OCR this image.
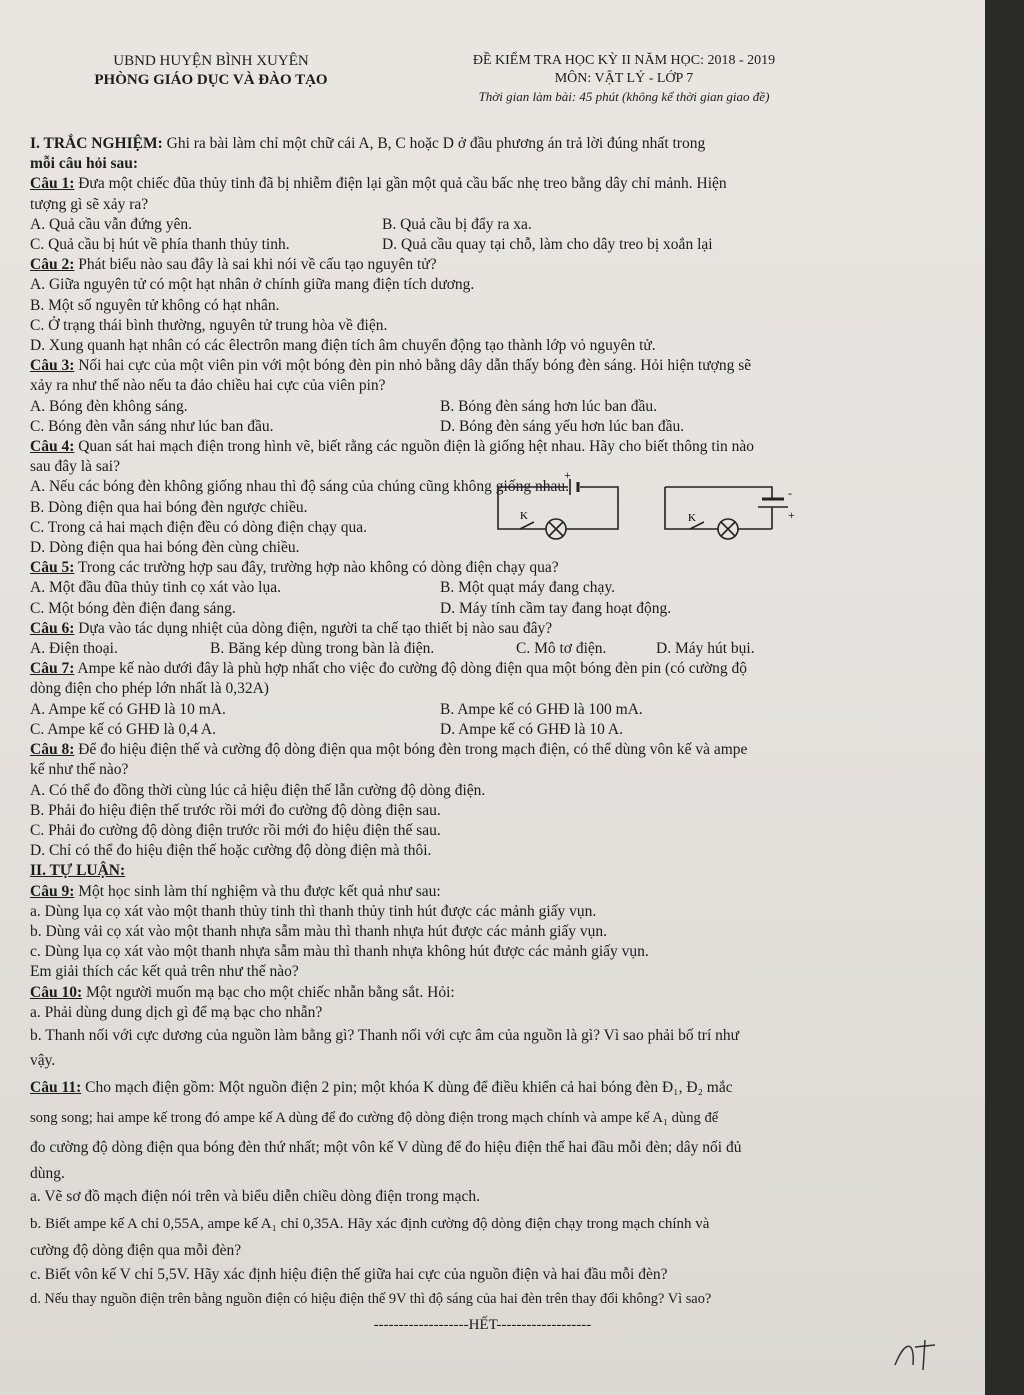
UBND HUYỆN BÌNH XUYÊN
PHÒNG GIÁO DỤC VÀ ĐÀO TẠO
ĐỀ KIỂM TRA HỌC KỲ II NĂM HỌC: 2018 - 2019
MÔN: VẬT LÝ - LỚP 7
Thời gian làm bài: 45 phút (không kể thời gian giao đề)
I. TRẮC NGHIỆM: Ghi ra bài làm chỉ một chữ cái A, B, C hoặc D ở đầu phương án trả lời đúng nhất trong
mỗi câu hỏi sau:
Câu 1: Đưa một chiếc đũa thủy tinh đã bị nhiễm điện lại gần một quả cầu bấc nhẹ treo bằng dây chỉ mảnh. Hiện
tượng gì sẽ xảy ra?
A. Quả cầu vẫn đứng yên.	B. Quả cầu bị đẩy ra xa.
C. Quả cầu bị hút về phía thanh thủy tinh.	D. Quả cầu quay tại chỗ, làm cho dây treo bị xoắn lại
Câu 2: Phát biểu nào sau đây là sai khi nói về cấu tạo nguyên tử?
A. Giữa nguyên tử có một hạt nhân ở chính giữa mang điện tích dương.
B. Một số nguyên tử không có hạt nhân.
C. Ở trạng thái bình thường, nguyên tử trung hòa về điện.
D. Xung quanh hạt nhân có các êlectrôn mang điện tích âm chuyển động tạo thành lớp vỏ nguyên tử.
Câu 3: Nối hai cực của một viên pin với một bóng đèn pin nhỏ bằng dây dẫn thấy bóng đèn sáng. Hỏi hiện tượng sẽ
xảy ra như thế nào nếu ta đảo chiều hai cực của viên pin?
A. Bóng đèn không sáng.	B. Bóng đèn sáng hơn lúc ban đầu.
C. Bóng đèn vẫn sáng như lúc ban đầu.	D. Bóng đèn sáng yếu hơn lúc ban đầu.
Câu 4: Quan sát hai mạch điện trong hình vẽ, biết rằng các nguồn điện là giống hệt nhau. Hãy cho biết thông tin nào
sau đây là sai?
+
K	K
-
+
A. Nếu các bóng đèn không giống nhau thì độ sáng của chúng cũng không giống nhau.
B. Dòng điện qua hai bóng đèn ngược chiều.
C. Trong cả hai mạch điện đều có dòng điện chạy qua.
D. Dòng điện qua hai bóng đèn cùng chiều.
Câu 5: Trong các trường hợp sau đây, trường hợp nào không có dòng điện chạy qua?
A. Một đầu đũa thủy tinh cọ xát vào lụa.	B. Một quạt máy đang chạy.
C. Một bóng đèn điện đang sáng.	D. Máy tính cầm tay đang hoạt động.
Câu 6: Dựa vào tác dụng nhiệt của dòng điện, người ta chế tạo thiết bị nào sau đây?
A. Điện thoại.	B. Băng kép dùng trong bàn là điện.	C. Mô tơ điện.	D. Máy hút bụi.
Câu 7: Ampe kế nào dưới đây là phù hợp nhất cho việc đo cường độ dòng điện qua một bóng đèn pin (có cường độ
dòng điện cho phép lớn nhất là 0,32A)
A. Ampe kế có GHĐ là 10 mA.	B. Ampe kế có GHĐ là 100 mA.
C. Ampe kế có GHĐ là 0,4 A.	D. Ampe kế có GHĐ là 10 A.
Câu 8: Để đo hiệu điện thế và cường độ dòng điện qua một bóng đèn trong mạch điện, có thể dùng vôn kế và ampe
kế như thế nào?
A. Có thể đo đồng thời cùng lúc cả hiệu điện thế lẫn cường độ dòng điện.
B. Phải đo hiệu điện thế trước rồi mới đo cường độ dòng điện sau.
C. Phải đo cường độ dòng điện trước rồi mới đo hiệu điện thế sau.
D. Chỉ có thể đo hiệu điện thế hoặc cường độ dòng điện mà thôi.
II. TỰ LUẬN:
Câu 9: Một học sinh làm thí nghiệm và thu được kết quả như sau:
a. Dùng lụa cọ xát vào một thanh thủy tinh thì thanh thủy tinh hút được các mảnh giấy vụn.
b. Dùng vải cọ xát vào một thanh nhựa sẫm màu thì thanh nhựa hút được các mảnh giấy vụn.
c. Dùng lụa cọ xát vào một thanh nhựa sẫm màu thì thanh nhựa không hút được các mảnh giấy vụn.
Em giải thích các kết quả trên như thế nào?
Câu 10: Một người muốn mạ bạc cho một chiếc nhẫn bằng sắt. Hỏi:
a. Phải dùng dung dịch gì để mạ bạc cho nhẫn?
b. Thanh nối với cực dương của nguồn làm bằng gì? Thanh nối với cực âm của nguồn là gì? Vì sao phải bố trí như
vậy.
Câu 11: Cho mạch điện gồm: Một nguồn điện 2 pin; một khóa K dùng để điều khiển cả hai bóng đèn Đ₁, Đ₂ mắc
song song; hai ampe kế trong đó ampe kế A dùng để đo cường độ dòng điện trong mạch chính và ampe kế A₁ dùng để
đo cường độ dòng điện qua bóng đèn thứ nhất; một vôn kế V dùng để đo hiệu điện thế hai đầu mỗi đèn; dây nối đủ
dùng.
a. Vẽ sơ đồ mạch điện nói trên và biểu diễn chiều dòng điện trong mạch.
b. Biết ampe kế A chỉ 0,55A, ampe kế A₁ chỉ 0,35A. Hãy xác định cường độ dòng điện chạy trong mạch chính và
cường độ dòng điện qua mỗi đèn?
c. Biết vôn kế V chỉ 5,5V. Hãy xác định hiệu điện thế giữa hai cực của nguồn điện và hai đầu mỗi đèn?
d. Nếu thay nguồn điện trên bằng nguồn điện có hiệu điện thế 9V thì độ sáng của hai đèn trên thay đổi không? Vì sao?
-------------------HẾT-------------------
